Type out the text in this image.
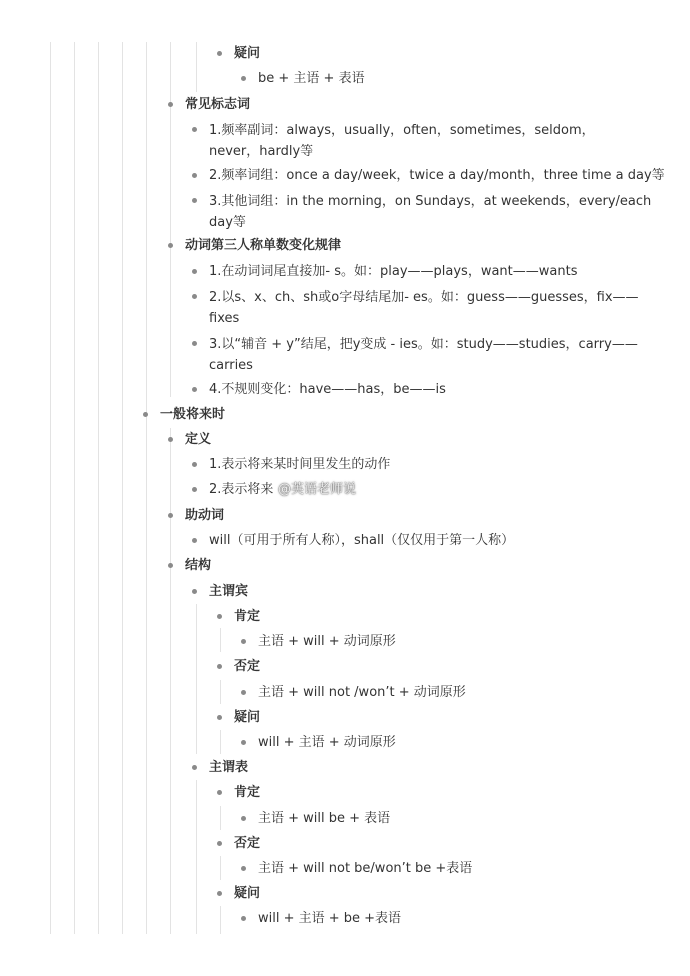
疑问
be + 主语 + 表语
常见标志词
1.频率副词：always，usually，often，sometimes，seldom，never，hardly等
2.频率词组：once a day/week，twice a day/month，three time a day等
3.其他词组：in the morning，on Sundays，at weekends，every/each day等
动词第三人称单数变化规律
1.在动词词尾直接加- s。如：play——plays，want——wants
2.以s、x、ch、sh或o字母结尾加- es。如：guess——guesses，fix——fixes
3.以“辅音 + y”结尾，把y变成 - ies。如：study——studies，carry——carries
4.不规则变化：have——has，be——is
一般将来时
定义
1.表示将来某时间里发生的动作
2.表示将来
助动词
will（可用于所有人称），shall（仅仅用于第一人称）
结构
主谓宾
肯定
主语 + will + 动词原形
否定
主语 + will not /won’t + 动词原形
疑问
will + 主语 + 动词原形
主谓表
肯定
主语 + will be + 表语
否定
主语 + will not be/won’t be +表语
疑问
will + 主语 + be +表语
@英语老师说
